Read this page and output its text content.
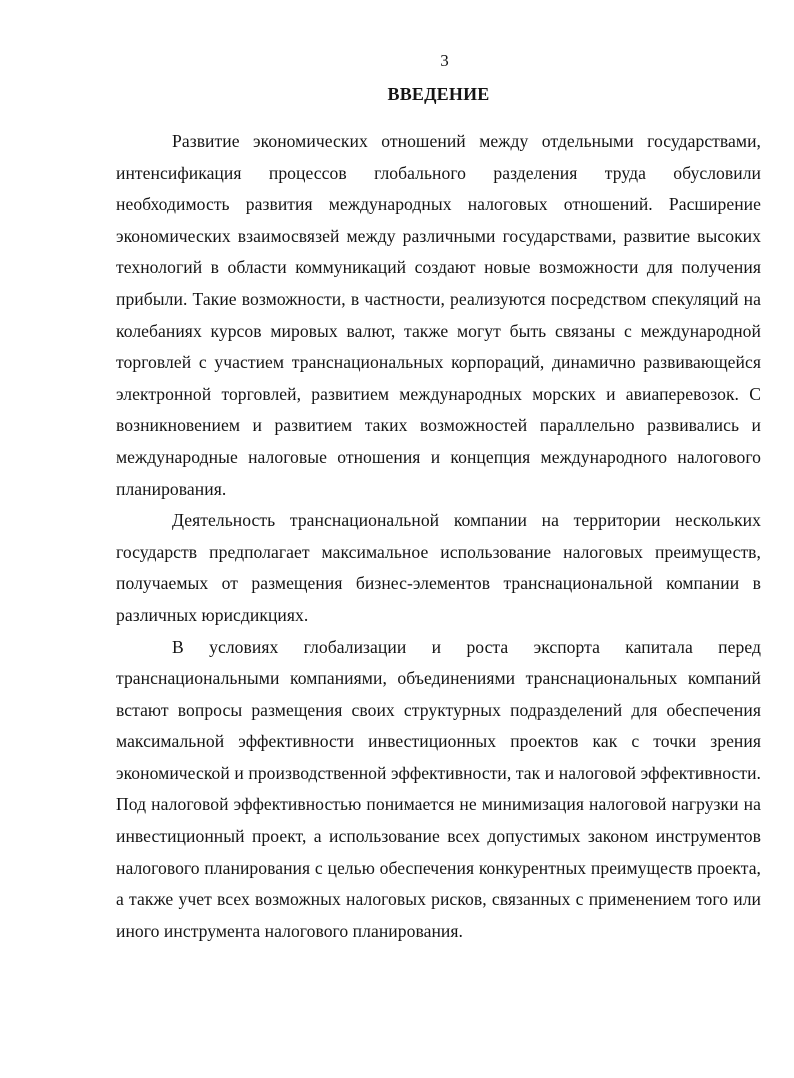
3
ВВЕДЕНИЕ

Развитие экономических отношений между отдельными государствами, интенсификация процессов глобального разделения труда обусловили необходимость развития международных налоговых отношений. Расширение экономических взаимосвязей между различными государствами, развитие высоких технологий в области коммуникаций создают новые возможности для получения прибыли. Такие возможности, в частности, реализуются посредством спекуляций на колебаниях курсов мировых валют, также могут быть связаны с международной торговлей с участием транснациональных корпораций, динамично развивающейся электронной торговлей, развитием международных морских и авиаперевозок. С возникновением и развитием таких возможностей параллельно развивались и международные налоговые отношения и концепция международного налогового планирования.

Деятельность транснациональной компании на территории нескольких государств предполагает максимальное использование налоговых преимуществ, получаемых от размещения бизнес-элементов транснациональной компании в различных юрисдикциях.

В условиях глобализации и роста экспорта капитала перед транснациональными компаниями, объединениями транснациональных компаний встают вопросы размещения своих структурных подразделений для обеспечения максимальной эффективности инвестиционных проектов как с точки зрения экономической и производственной эффективности, так и налоговой эффективности. Под налоговой эффективностью понимается не минимизация налоговой нагрузки на инвестиционный проект, а использование всех допустимых законом инструментов налогового планирования с целью обеспечения конкурентных преимуществ проекта, а также учет всех возможных налоговых рисков, связанных с применением того или иного инструмента налогового планирования.
